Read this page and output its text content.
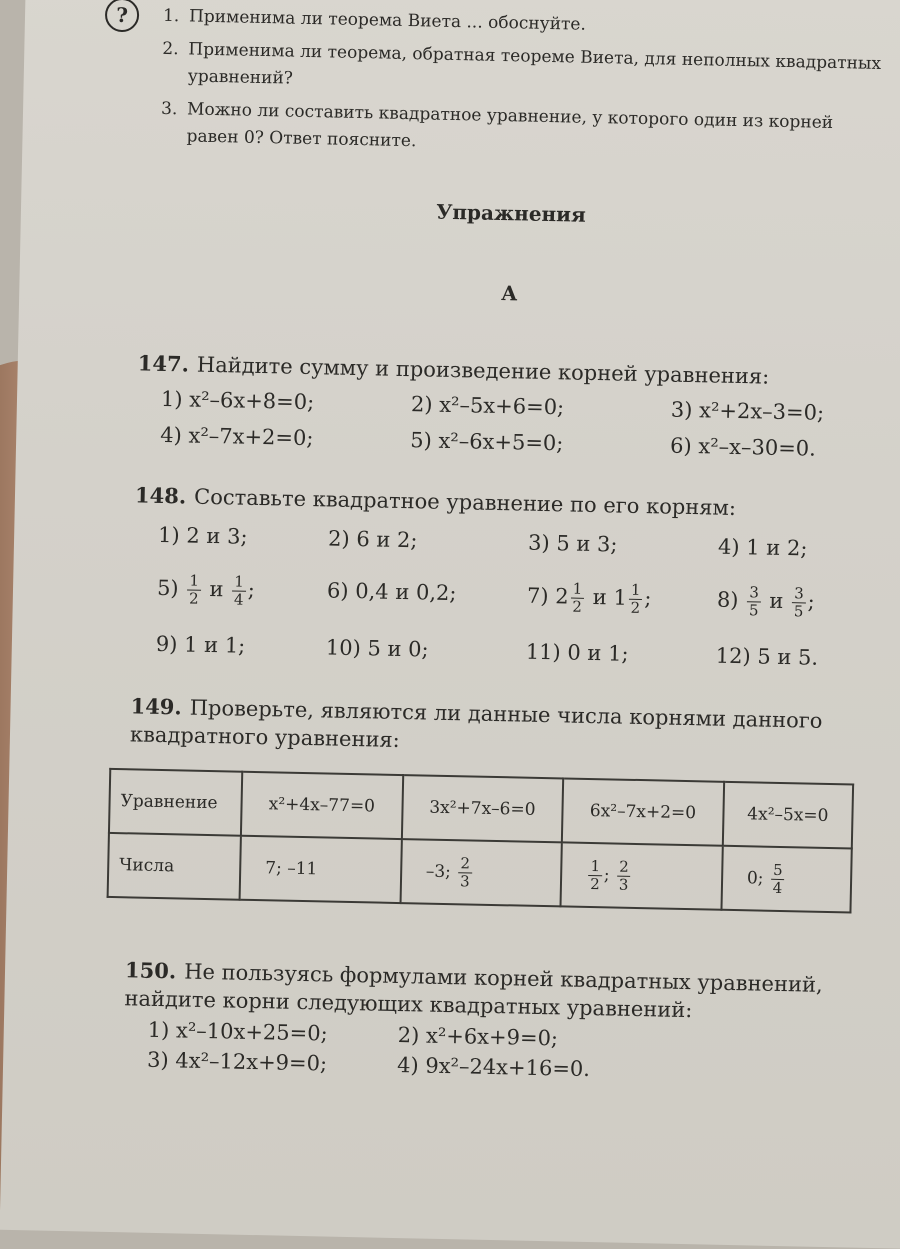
?	1. Применима ли теорема Виета ... обоснуйте.
2. Применима ли теорема, обратная теореме Виета, для неполных квадратных уравнений?
3. Можно ли составить квадратное уравнение, у которого один из корней равен 0? Ответ поясните.
Упражнения
А
147. Найдите сумму и произведение корней уравнения:
1) x²–6x+8=0;	2) x²–5x+6=0;	3) x²+2x–3=0;
4) x²–7x+2=0;	5) x²–6x+5=0;	6) x²–x–30=0.
148. Составьте квадратное уравнение по его корням:
1) 2 и 3;	2) 6 и 2;	3) 5 и 3;	4) 1 и 2;
$5) \frac{1}{2}$ и $\frac{1}{4}$ ;	6) 0,4 и 0,2;	7) $2 \frac{1}{2}$ и $1 \frac{1}{2}$ ;	$8) \frac{3}{5}$ и $\frac{3}{5}$ ;
9) 1 и 1;	10) 5 и 0;	11) 0 и 1;	12) 5 и 5.
149. Проверьте, являются ли данные числа корнями данного квадратного уравнения:
Уравнение	x²+4x–77=0	3x²+7x–6=0	6x²–7x+2=0	4x²–5x=0
Числа	7; –11	–3; $\frac{2}{3}$	$\frac{1}{2}$ ; $\frac{2}{3}$	0; $\frac{5}{4}$
150. Не пользуясь формулами корней квадратных уравнений, найдите корни следующих квадратных уравнений:
1) x²–10x+25=0;	2) x²+6x+9=0;
3) 4x²–12x+9=0;	4) 9x²–24x+16=0.
